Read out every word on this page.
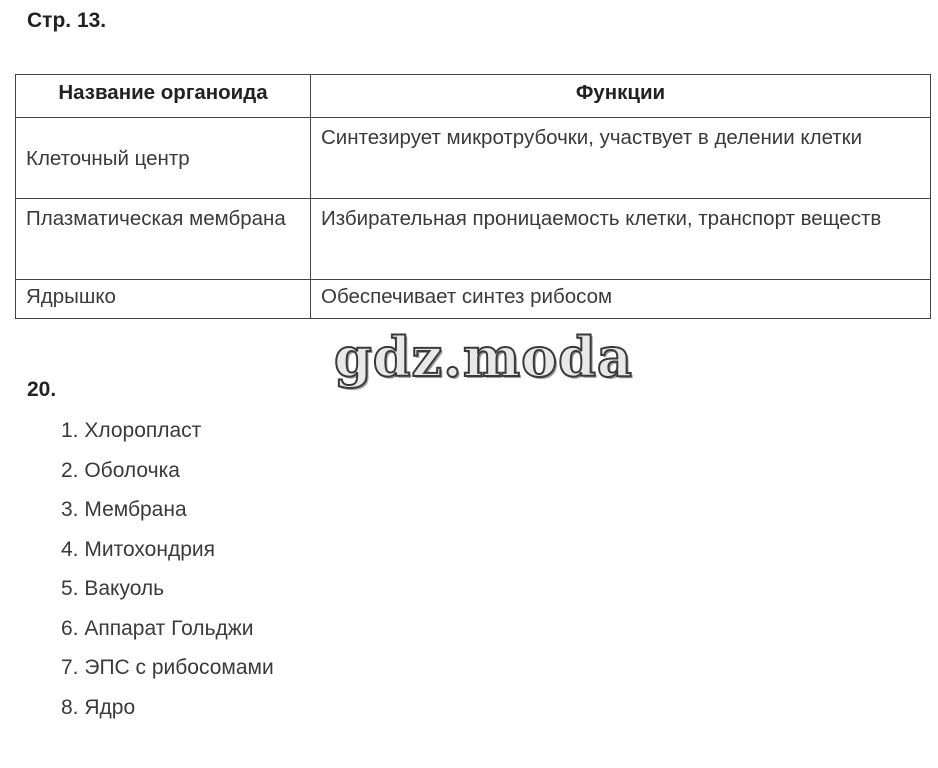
Стр. 13.
Название органоида	Функции
Клеточный центр	Синтезирует микротрубочки, участвует в делении клетки
Плазматическая мембрана	Избирательная проницаемость клетки, транспорт веществ
Ядрышко	Обеспечивает синтез рибосом
gdz.moda
20.
1. Хлоропласт
2. Оболочка
3. Мембрана
4. Митохондрия
5. Вакуоль
6. Аппарат Гольджи
7. ЭПС с рибосомами
8. Ядро
